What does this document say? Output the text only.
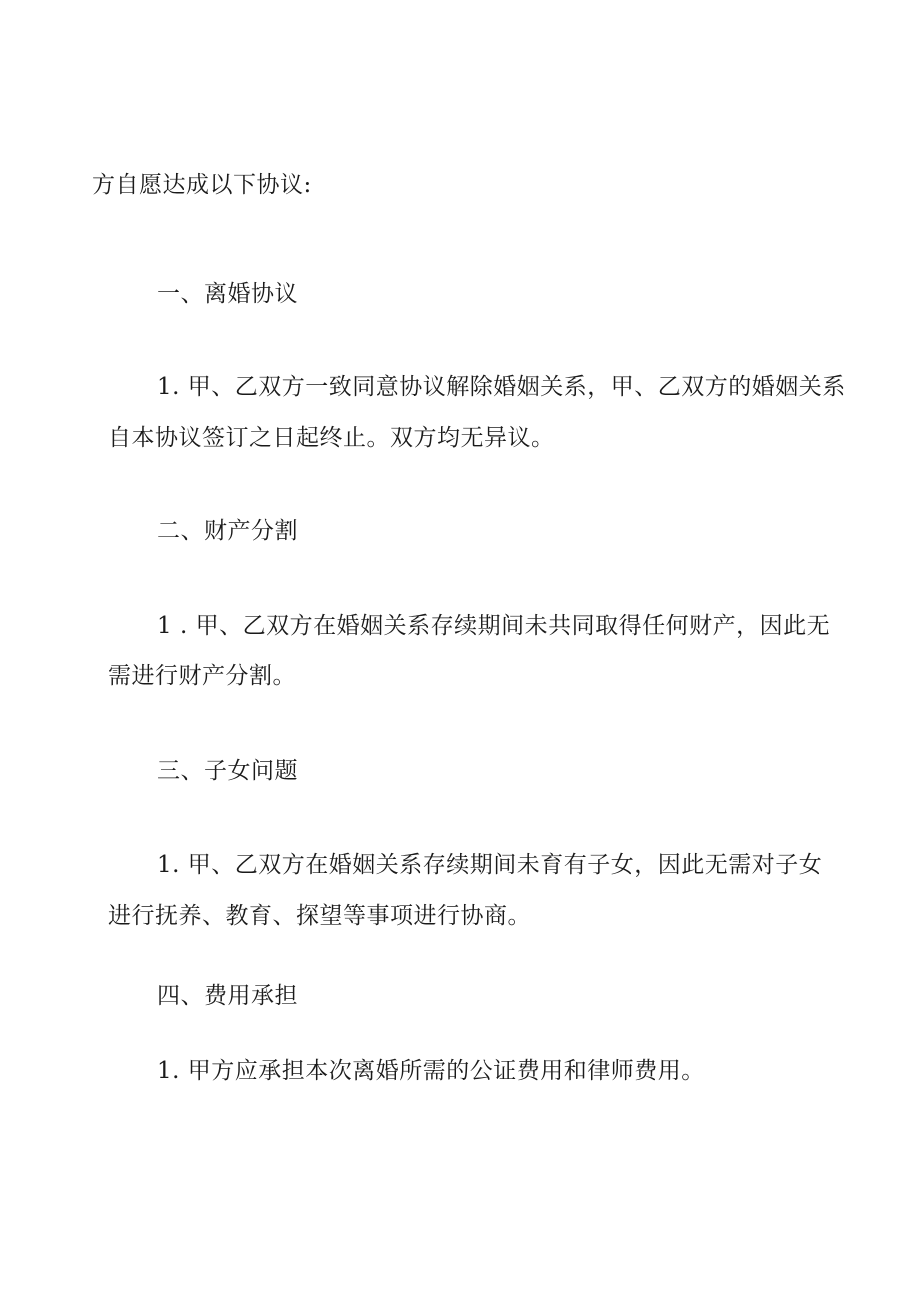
方自愿达成以下协议:
一、离婚协议
1. 甲、乙双方一致同意协议解除婚姻关系，甲、乙双方的婚姻关系
自本协议签订之日起终止。双方均无异议。
二、财产分割
1 . 甲、乙双方在婚姻关系存续期间未共同取得任何财产，因此无
需进行财产分割。
三、子女问题
1. 甲、乙双方在婚姻关系存续期间未育有子女，因此无需对子女
进行抚养、教育、探望等事项进行协商。
四、费用承担
1. 甲方应承担本次离婚所需的公证费用和律师费用。
